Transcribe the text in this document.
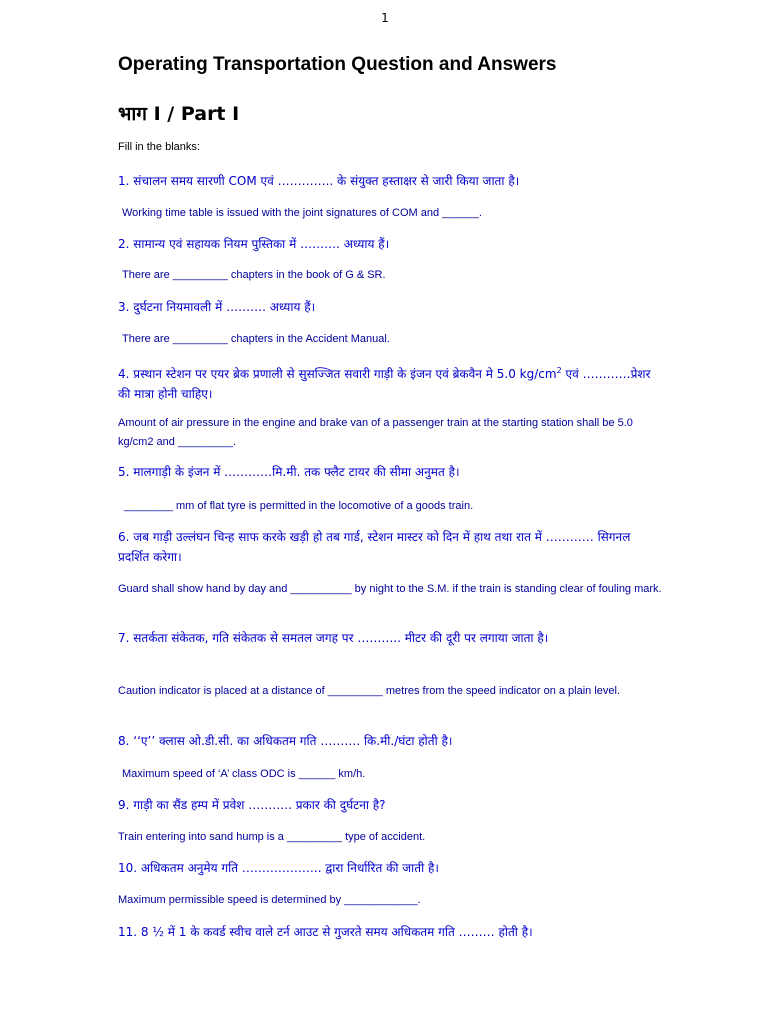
1
Operating Transportation Question and Answers
भाग I / Part I
Fill in the blanks:
1. संचालन समय सारणी COM एवं ………….. के संयुक्त हस्ताक्षर से जारी किया जाता है।
Working time table is issued with the joint signatures of COM and ______.
2. सामान्य एवं सहायक नियम पुस्तिका में ………. अध्याय हैं।
There are _________ chapters in the book of G & SR.
3. दुर्घटना नियमावली में ………. अध्याय हैं।
There are _________ chapters in the Accident Manual.
4. प्रस्थान स्टेशन पर एयर ब्रेक प्रणाली से सुसज्जित सवारी गाड़ी के इंजन एवं ब्रेकवैन मे 5.0 $kg/cm^2$ एवं …………प्रेशर की मात्रा होनी चाहिए।
Amount of air pressure in the engine and brake van of a passenger train at the starting station shall be 5.0 kg/cm2 and _________.
5. मालगाड़ी के इंजन में …………मि.मी. तक फ्लैट टायर की सीमा अनुमत है।
________ mm of flat tyre is permitted in the locomotive of a goods train.
6. जब गाड़ी उल्लंघन चिन्ह साफ करके खड़ी हो तब गार्ड, स्टेशन मास्टर को दिन में हाथ तथा रात में ………… सिगनल प्रदर्शित करेगा।
Guard shall show hand by day and __________ by night to the S.M. if the train is standing clear of fouling mark.
7. सतर्कता संकेतक, गति संकेतक से समतल जगह पर ……….. मीटर की दूरी पर लगाया जाता है।
Caution indicator is placed at a distance of _________ metres from the speed indicator on a plain level.
8. ‘‘ए’’ क्लास ओ.डी.सी. का अधिकतम गति ………. कि.मी./घंटा होती है।
Maximum speed of ‘A’ class ODC is ______ km/h.
9. गाड़ी का सैंड हम्प में प्रवेश ……….. प्रकार की दुर्घटना है?
Train entering into sand hump is a _________ type of accident.
10. अधिकतम अनुमेय गति ……………….. द्वारा निर्धारित की जाती है।
Maximum permissible speed is determined by ____________.
11. 8 ½ में 1 के कवर्ड स्वीच वाले टर्न आउट से गुजरते समय अधिकतम गति ……… होती है।
